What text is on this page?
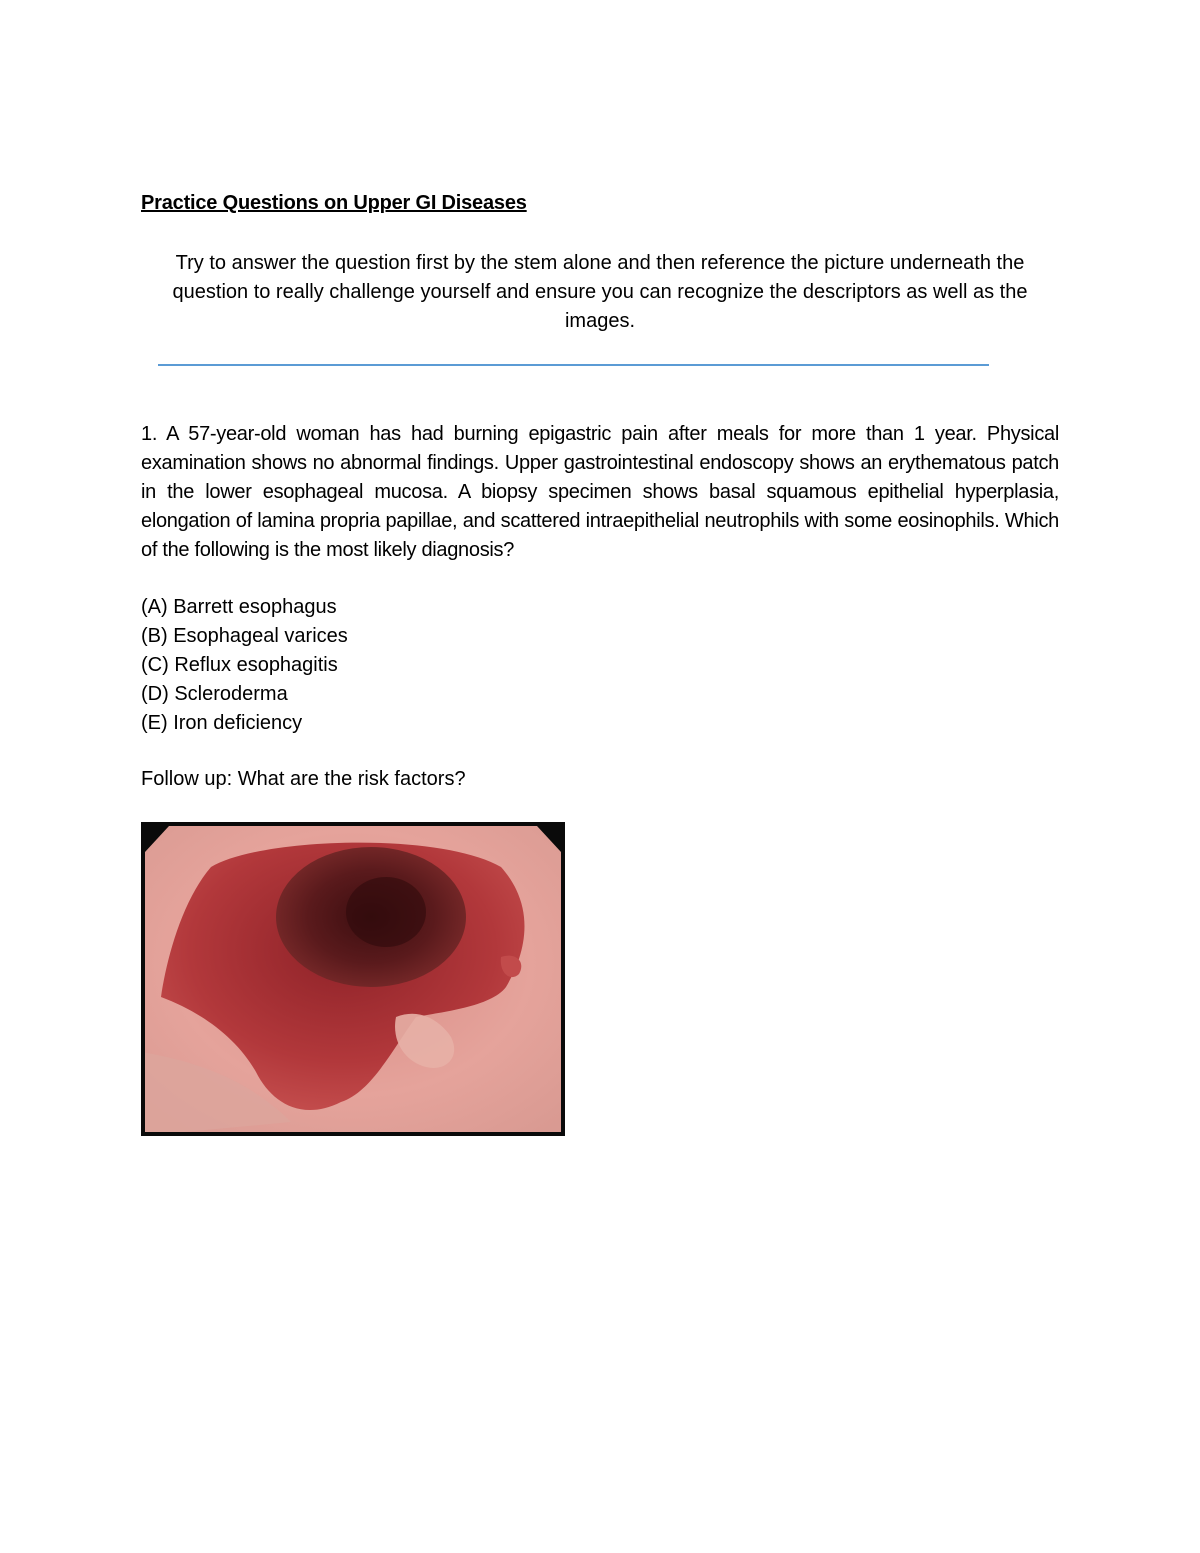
Practice Questions on Upper GI Diseases
Try to answer the question first by the stem alone and then reference the picture underneath the question to really challenge yourself and ensure you can recognize the descriptors as well as the images.
1. A 57-year-old woman has had burning epigastric pain after meals for more than 1 year. Physical examination shows no abnormal findings. Upper gastrointestinal endoscopy shows an erythematous patch in the lower esophageal mucosa. A biopsy specimen shows basal squamous epithelial hyperplasia, elongation of lamina propria papillae, and scattered intraepithelial neutrophils with some eosinophils. Which of the following is the most likely diagnosis?
(A) Barrett esophagus
(B) Esophageal varices
(C) Reflux esophagitis
(D) Scleroderma
(E) Iron deficiency
Follow up: What are the risk factors?
